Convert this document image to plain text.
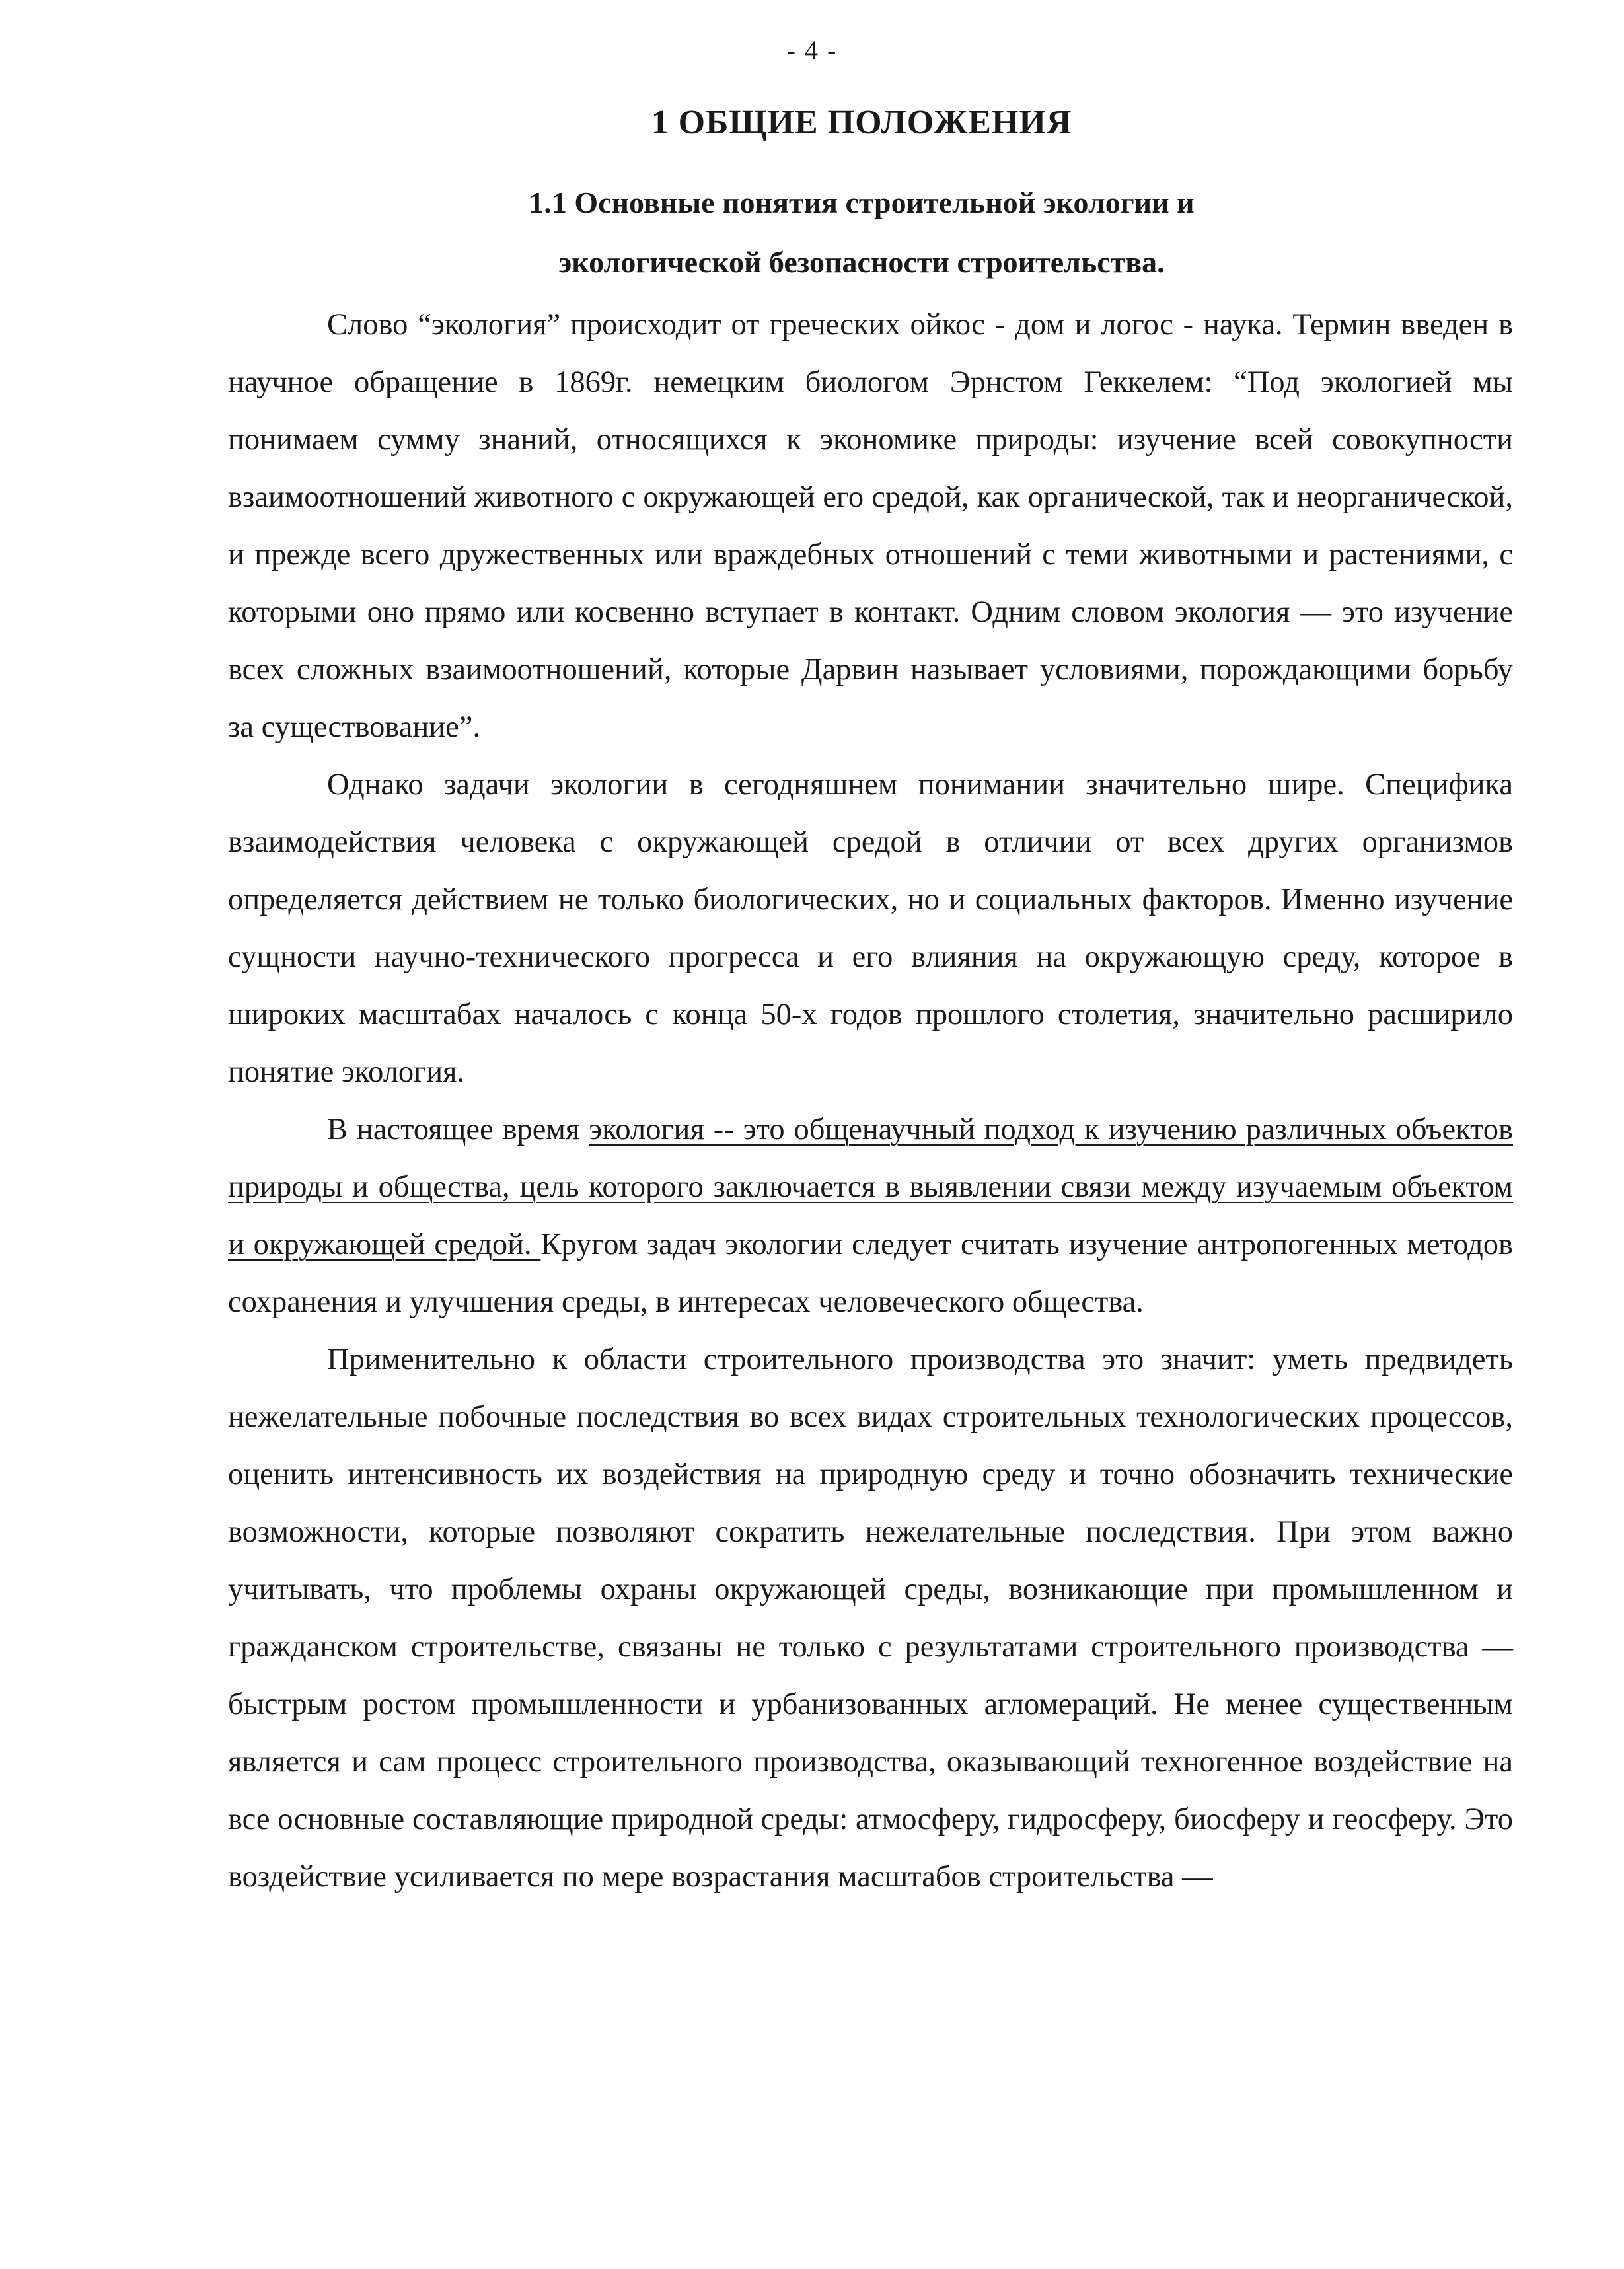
- 4 -
1 ОБЩИЕ ПОЛОЖЕНИЯ
1.1 Основные понятия строительной экологии и
экологической безопасности строительства.

Слово “экология” происходит от греческих ойкос - дом и логос - наука. Термин введен в научное обращение в 1869г. немецким биологом Эрнстом Геккелем: “Под экологией мы понимаем сумму знаний, относящихся к экономике природы: изучение всей совокупности взаимоотношений животного с окружающей его средой, как органической, так и неорганической, и прежде всего дружественных или враждебных отношений с теми животными и растениями, с которыми оно прямо или косвенно вступает в контакт. Одним словом экология — это изучение всех сложных взаимоотношений, которые Дарвин называет условиями, порождающими борьбу за существование”.

Однако задачи экологии в сегодняшнем понимании значительно шире. Специфика взаимодействия человека с окружающей средой в отличии от всех других организмов определяется действием не только биологических, но и социальных факторов. Именно изучение сущности научно-технического прогресса и его влияния на окружающую среду, которое в широких масштабах началось с конца 50-х годов прошлого столетия, значительно расширило понятие экология.

В настоящее время экология -- это общенаучный подход к изучению различных объектов природы и общества, цель которого заключается в выявлении связи между изучаемым объектом и окружающей средой. Кругом задач экологии следует считать изучение антропогенных методов сохранения и улучшения среды, в интересах человеческого общества.

Применительно к области строительного производства это значит: уметь предвидеть нежелательные побочные последствия во всех видах строительных технологических процессов, оценить интенсивность их воздействия на природную среду и точно обозначить технические возможности, которые позволяют сократить нежелательные последствия. При этом важно учитывать, что проблемы охраны окружающей среды, возникающие при промышленном и гражданском строительстве, связаны не только с результатами строительного производства — быстрым ростом промышленности и урбанизованных агломераций. Не менее существенным является и сам процесс строительного производства, оказывающий техногенное воздействие на все основные составляющие природной среды: атмосферу, гидросферу, биосферу и геосферу. Это воздействие усиливается по мере возрастания масштабов строительства —
